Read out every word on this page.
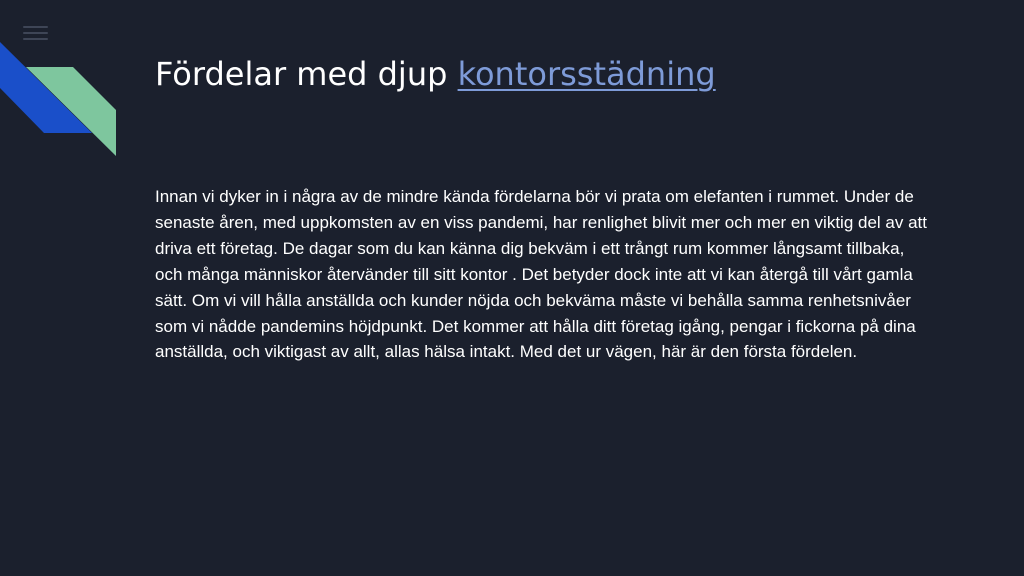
Fördelar med djup kontorsstädning

Innan vi dyker in i några av de mindre kända fördelarna bör vi prata om elefanten i rummet. Under de senaste åren, med uppkomsten av en viss pandemi, har renlighet blivit mer och mer en viktig del av att driva ett företag. De dagar som du kan känna dig bekväm i ett trångt rum kommer långsamt tillbaka, och många människor återvänder till sitt kontor . Det betyder dock inte att vi kan återgå till vårt gamla sätt. Om vi vill hålla anställda och kunder nöjda och bekväma måste vi behålla samma renhetsnivåer som vi nådde pandemins höjdpunkt. Det kommer att hålla ditt företag igång, pengar i fickorna på dina anställda, och viktigast av allt, allas hälsa intakt. Med det ur vägen, här är den första fördelen.
